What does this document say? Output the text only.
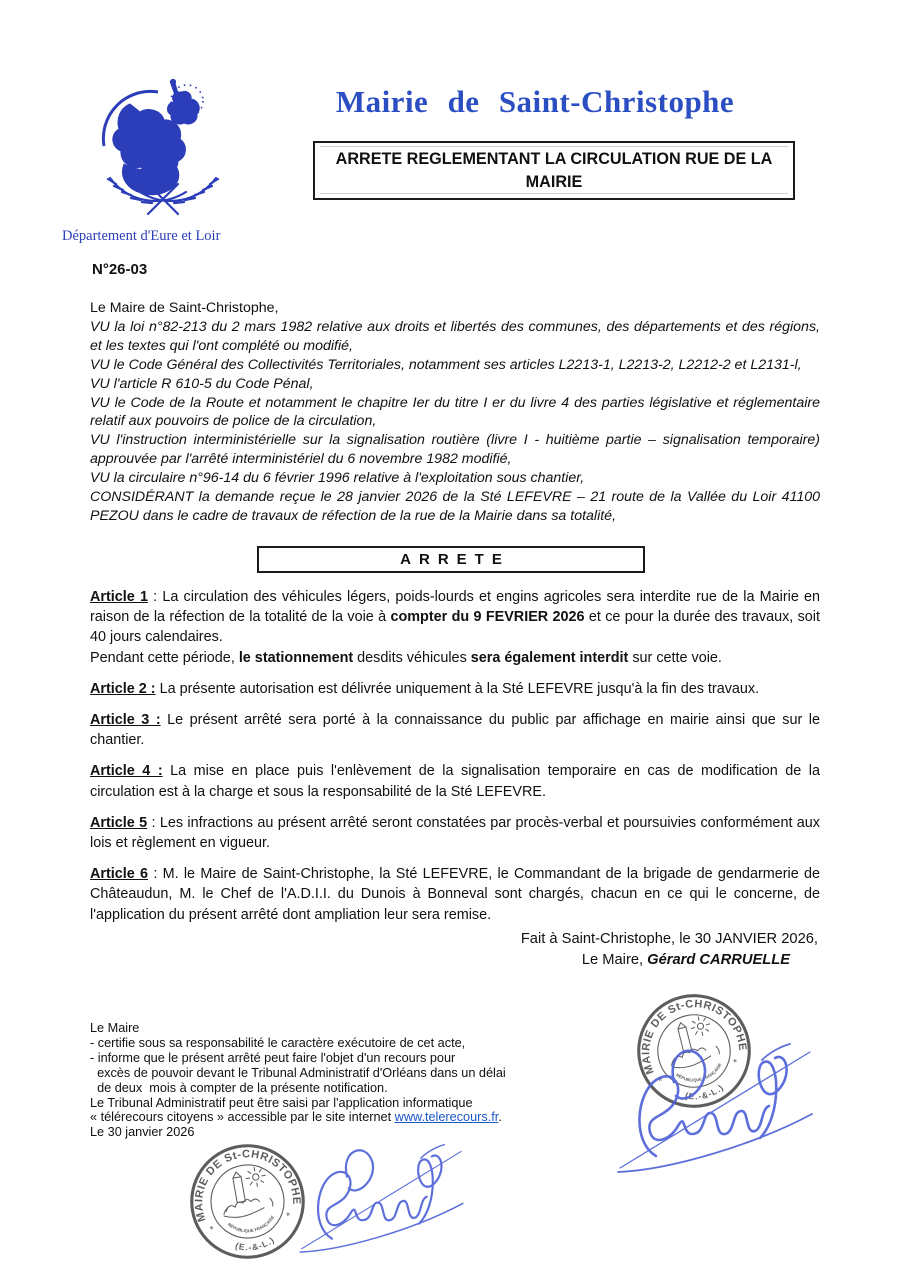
Département d'Eure et Loir
Mairie de Saint-Christophe
ARRETE REGLEMENTANT LA CIRCULATION RUE DE LA MAIRIE
N°26-03

Le Maire de Saint-Christophe,

VU la loi n°82-213 du 2 mars 1982 relative aux droits et libertés des communes, des départements et des régions, et les textes qui l'ont complété ou modifié,

VU le Code Général des Collectivités Territoriales, notamment ses articles L2213-1, L2213-2, L2212-2 et L2131-l,

VU l'article R 610-5 du Code Pénal,

VU le Code de la Route et notamment le chapitre Ier du titre I er du livre 4 des parties législative et réglementaire relatif aux pouvoirs de police de la circulation,

VU l'instruction interministérielle sur la signalisation routière (livre I - huitième partie – signalisation temporaire) approuvée par l'arrêté interministériel du 6 novembre 1982 modifié,

VU la circulaire n°96-14 du 6 février 1996 relative à l'exploitation sous chantier,

CONSIDÉRANT la demande reçue le 28 janvier 2026 de la Sté LEFEVRE – 21 route de la Vallée du Loir 41100 PEZOU dans le cadre de travaux de réfection de la rue de la Mairie dans sa totalité,

ARRETE

Article 1 : La circulation des véhicules légers, poids-lourds et engins agricoles sera interdite rue de la Mairie en raison de la réfection de la totalité de la voie à compter du 9 FEVRIER 2026 et ce pour la durée des travaux, soit 40 jours calendaires.

Pendant cette période, le stationnement desdits véhicules sera également interdit sur cette voie.

Article 2 : La présente autorisation est délivrée uniquement à la Sté LEFEVRE jusqu'à la fin des travaux.

Article 3 : Le présent arrêté sera porté à la connaissance du public par affichage en mairie ainsi que sur le chantier.

Article 4 : La mise en place puis l'enlèvement de la signalisation temporaire en cas de modification de la circulation est à la charge et sous la responsabilité de la Sté LEFEVRE.

Article 5 : Les infractions au présent arrêté seront constatées par procès-verbal et poursuivies conformément aux lois et règlement en vigueur.

Article 6 : M. le Maire de Saint-Christophe, la Sté LEFEVRE, le Commandant de la brigade de gendarmerie de Châteaudun, M. le Chef de l'A.D.I.I. du Dunois à Bonneval sont chargés, chacun en ce qui le concerne, de l'application du présent arrêté dont ampliation leur sera remise.

Fait à Saint-Christophe, le 30 JANVIER 2026,
Le Maire, Gérard CARRUELLE
Le Maire
- certifie sous sa responsabilité le caractère exécutoire de cet acte,
- informe que le présent arrêté peut faire l'objet d'un recours pour
excès de pouvoir devant le Tribunal Administratif d'Orléans dans un délai
de deux  mois à compter de la présente notification.
Le Tribunal Administratif peut être saisi par l'application informatique
« télérecours citoyens » accessible par le site internet www.telerecours.fr.
Le 30 janvier 2026
MAIRIE DE St-CHRISTOPHE
(E.-&-L.)
RÉPUBLIQUE FRANÇAISE
*
*
MAIRIE DE St-CHRISTOPHE
(E.-&-L.)
RÉPUBLIQUE FRANÇAISE
*
*
